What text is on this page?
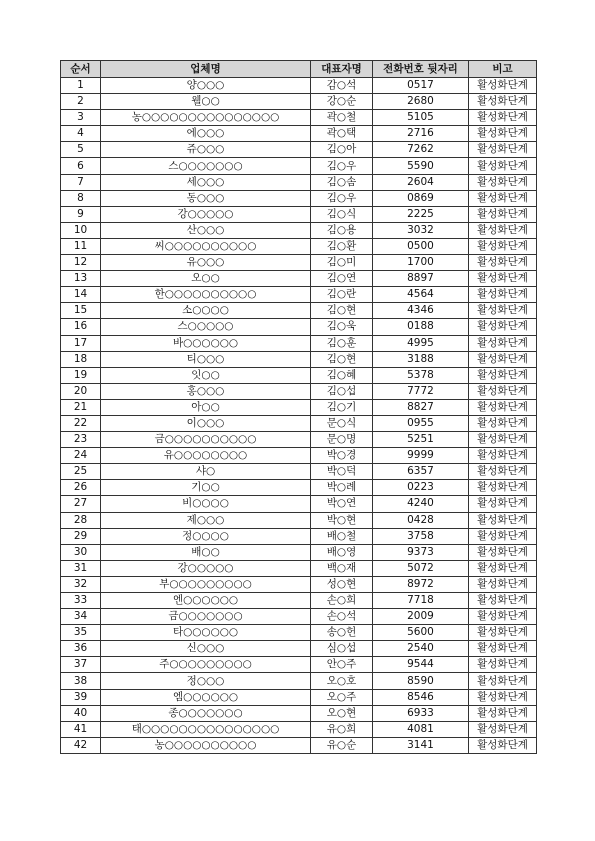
순서	업체명	대표자명	전화번호 뒷자리	비고
1	양○○○	감○석	0517	활성화단계
2	웰○○	강○순	2680	활성화단계
3	농○○○○○○○○○○○○○○○	곽○철	5105	활성화단계
4	에○○○	곽○택	2716	활성화단계
5	쥬○○○	김○아	7262	활성화단계
6	스○○○○○○○	김○우	5590	활성화단계
7	세○○○	김○솜	2604	활성화단계
8	동○○○	김○우	0869	활성화단계
9	강○○○○○	김○식	2225	활성화단계
10	산○○○	김○용	3032	활성화단계
11	씨○○○○○○○○○○	김○환	0500	활성화단계
12	유○○○	김○미	1700	활성화단계
13	오○○	김○연	8897	활성화단계
14	한○○○○○○○○○○	김○란	4564	활성화단계
15	소○○○○	김○현	4346	활성화단계
16	스○○○○○	김○욱	0188	활성화단계
17	바○○○○○○	김○훈	4995	활성화단계
18	티○○○	김○현	3188	활성화단계
19	잇○○	김○혜	5378	활성화단계
20	홍○○○	김○섭	7772	활성화단계
21	아○○	김○기	8827	활성화단계
22	이○○○	문○식	0955	활성화단계
23	금○○○○○○○○○○	문○명	5251	활성화단계
24	유○○○○○○○○	박○경	9999	활성화단계
25	샤○	박○덕	6357	활성화단계
26	기○○	박○례	0223	활성화단계
27	비○○○○	박○연	4240	활성화단계
28	제○○○	박○현	0428	활성화단계
29	정○○○○	배○철	3758	활성화단계
30	배○○	배○영	9373	활성화단계
31	강○○○○○	백○재	5072	활성화단계
32	부○○○○○○○○○	성○현	8972	활성화단계
33	엔○○○○○○	손○희	7718	활성화단계
34	금○○○○○○○	손○석	2009	활성화단계
35	타○○○○○○	송○헌	5600	활성화단계
36	신○○○	심○섭	2540	활성화단계
37	주○○○○○○○○○	안○주	9544	활성화단계
38	정○○○	오○호	8590	활성화단계
39	엠○○○○○○	오○주	8546	활성화단계
40	종○○○○○○○	오○현	6933	활성화단계
41	태○○○○○○○○○○○○○○○	유○희	4081	활성화단계
42	농○○○○○○○○○○	유○순	3141	활성화단계
